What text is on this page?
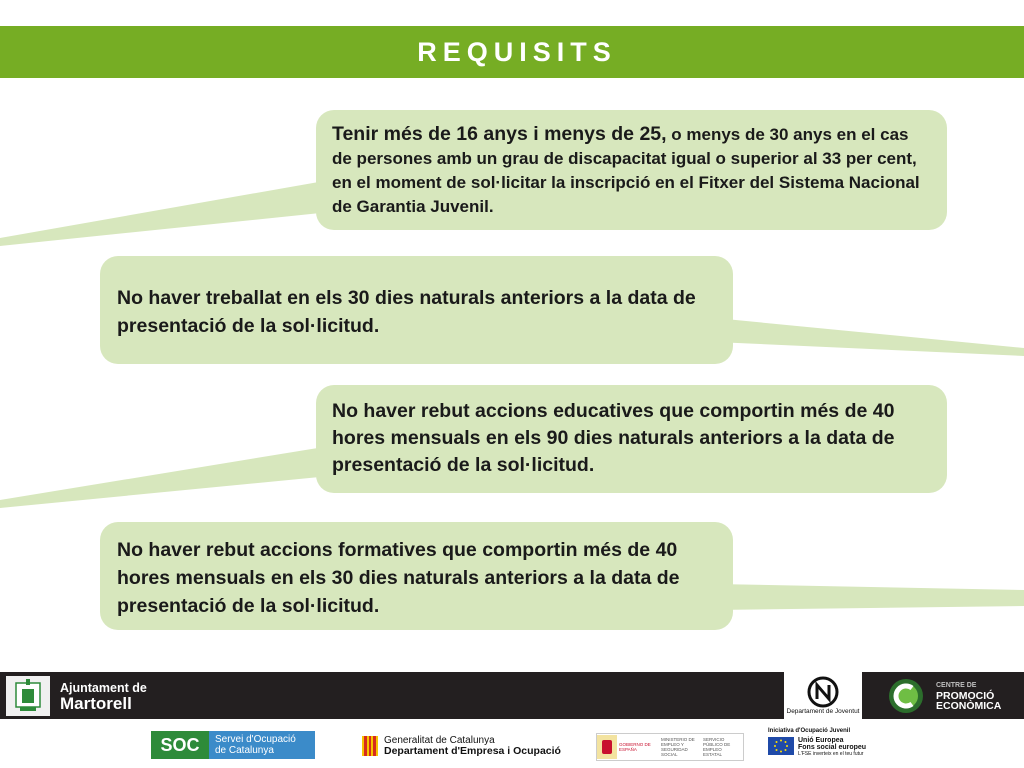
REQUISITS
Tenir més de 16 anys i menys de 25, o menys de 30 anys en el cas de persones amb un grau de discapacitat igual o superior al 33 per cent, en el moment de sol·licitar la inscripció en el Fitxer del Sistema Nacional de Garantia Juvenil.
No haver treballat en els 30 dies naturals anteriors a la data de presentació de la sol·licitud.
No haver rebut accions educatives que comportin més de 40 hores mensuals en els 90 dies naturals anteriors a la data de presentació de la sol·licitud.
No haver rebut accions formatives que comportin més de 40 hores mensuals en els 30 dies naturals anteriors a la data de presentació de la sol·licitud.
Ajuntament de
Martorell	Departament de Joventut
CENTRE DE
PROMOCIÓ
ECONÒMICA
SOC	Servei d'Ocupació
de Catalunya
Generalitat de Catalunya
Departament d'Empresa i Ocupació
GOBIERNO DE ESPAÑA
MINISTERIO DE EMPLEO Y SEGURIDAD SOCIAL
SERVICIO PÚBLICO DE EMPLEO ESTATAL
Iniciativa d'Ocupació Juvenil
Unió Europea
Fons social europeu
L'FSE inverteix en el teu futur
